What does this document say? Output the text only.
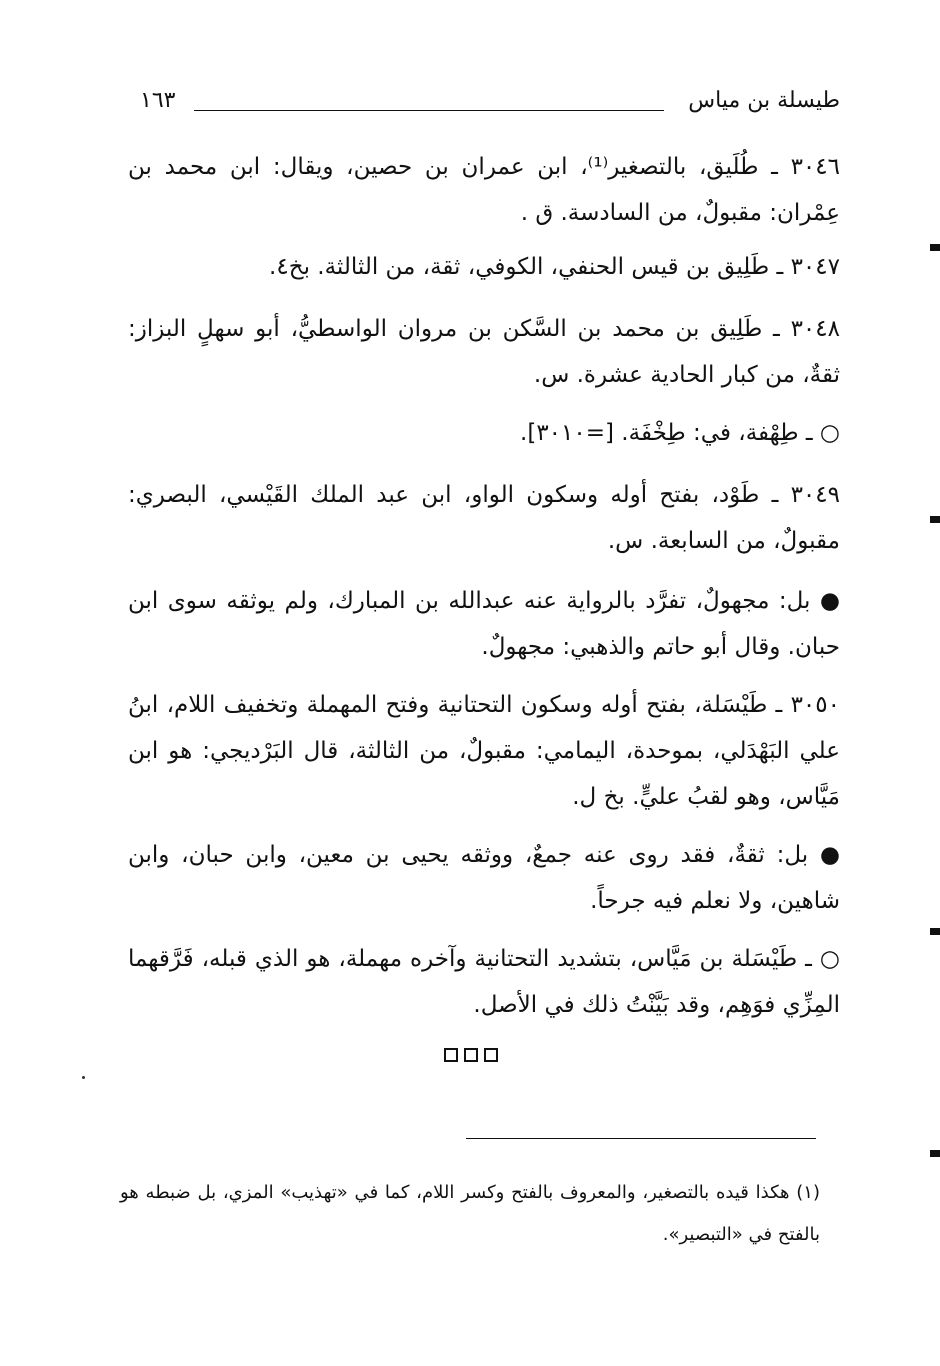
طيسلة بن مياس
١٦٣
٣٠٤٦ ـ طُلَيق، بالتصغير⁽¹⁾، ابن عمران بن حصين، ويقال: ابن محمد بن عِمْران: مقبولٌ، من السادسة. ق .
٣٠٤٧ ـ طَلِيق بن قيس الحنفي، الكوفي، ثقة، من الثالثة. بخ٤.
٣٠٤٨ ـ طَلِيق بن محمد بن السَّكن بن مروان الواسطيُّ، أبو سهلٍ البزاز: ثقةٌ، من كبار الحادية عشرة. س.
○ ـ طِهْفة، في: طِخْفَة. [=٣٠١٠].
٣٠٤٩ ـ طَوْد، بفتح أوله وسكون الواو، ابن عبد الملك القَيْسي، البصري: مقبولٌ، من السابعة. س.
● بل: مجهولٌ، تفرَّد بالرواية عنه عبدالله بن المبارك، ولم يوثقه سوى ابن حبان. وقال أبو حاتم والذهبي: مجهولٌ.
٣٠٥٠ ـ طَيْسَلة، بفتح أوله وسكون التحتانية وفتح المهملة وتخفيف اللام، ابنُ علي البَهْدَلي، بموحدة، اليمامي: مقبولٌ، من الثالثة، قال البَرْديجي: هو ابن مَيَّاس، وهو لقبُ عليٍّ. بخ ل.
● بل: ثقةٌ، فقد روى عنه جمعٌ، ووثقه يحيى بن معين، وابن حبان، وابن شاهين، ولا نعلم فيه جرحاً.
○ ـ طَيْسَلة بن مَيَّاس، بتشديد التحتانية وآخره مهملة، هو الذي قبله، فَرَّقهما المِزِّي فوَهِم، وقد بَيَّنْتُ ذلك في الأصل.
(١) هكذا قيده بالتصغير، والمعروف بالفتح وكسر اللام، كما في «تهذيب» المزي، بل ضبطه هو بالفتح في «التبصير».
